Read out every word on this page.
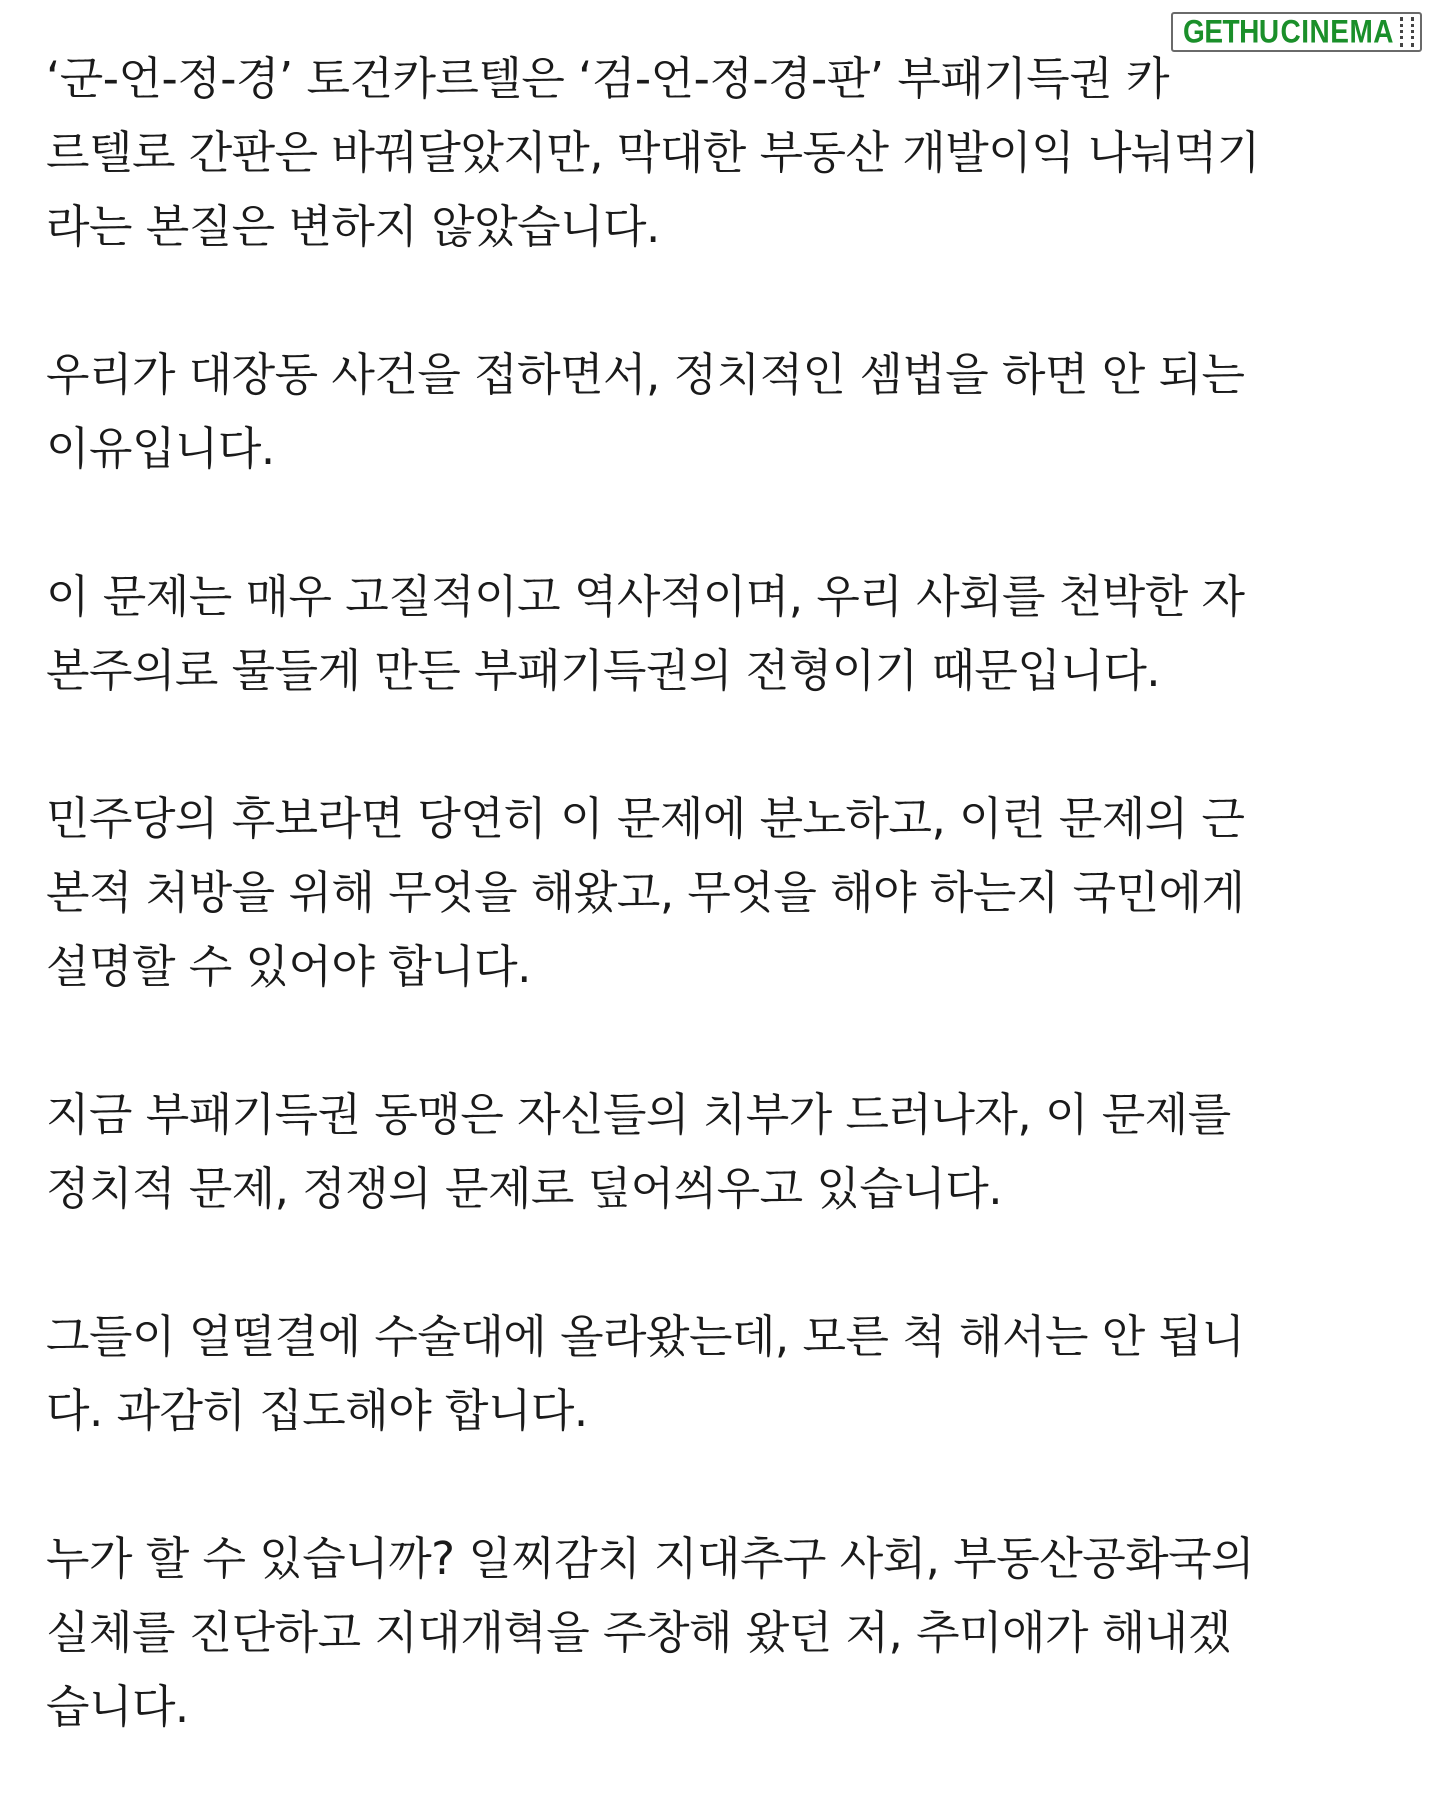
GETHU CINEMA

‘군-언-정-경’ 토건카르텔은 ‘검-언-정-경-판’ 부패기득권 카
르텔로 간판은 바꿔달았지만, 막대한 부동산 개발이익 나눠먹기
라는 본질은 변하지 않았습니다.

우리가 대장동 사건을 접하면서, 정치적인 셈법을 하면 안 되는
이유입니다.

이 문제는 매우 고질적이고 역사적이며, 우리 사회를 천박한 자
본주의로 물들게 만든 부패기득권의 전형이기 때문입니다.

민주당의 후보라면 당연히 이 문제에 분노하고, 이런 문제의 근
본적 처방을 위해 무엇을 해왔고, 무엇을 해야 하는지 국민에게
설명할 수 있어야 합니다.

지금 부패기득권 동맹은 자신들의 치부가 드러나자, 이 문제를
정치적 문제, 정쟁의 문제로 덮어씌우고 있습니다.

그들이 얼떨결에 수술대에 올라왔는데, 모른 척 해서는 안 됩니
다. 과감히 집도해야 합니다.

누가 할 수 있습니까? 일찌감치 지대추구 사회, 부동산공화국의
실체를 진단하고 지대개혁을 주창해 왔던 저, 추미애가 해내겠
습니다.
